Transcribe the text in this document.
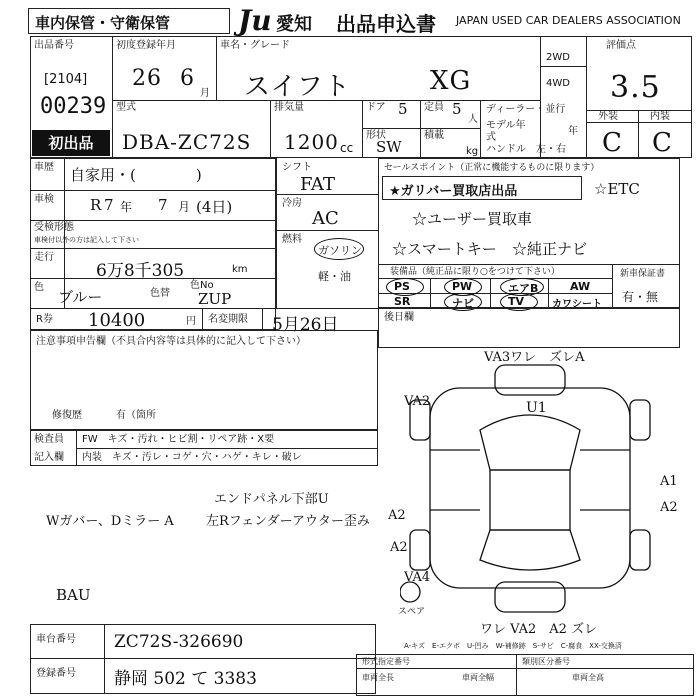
車内保管・守衛保管 Ju 愛知 出品申込書 JAPAN USED CAR DEALERS ASSOCIATION
出品番号
[2104]
00239
初出品
初度登録年月
26 6
月
車名・グレード
スイフト	XG
2WD
4WD
評価点
3.5
外装	内装
C C
型式
DBA-ZC72S
排気量
1200 cc
ドア 5 定員 5
人
形状
SW
積載
kg
ディーラー・並行
モデル年式
年
ハンドル　左・右
車歴 自家用・(　　　　)
車検 R 7 年 7 月 (4日)
受検形態
車検付以外の方は記入して下さい
走行
6万8千305	km
色
ブルー	色替
色No
ZUP
シフト
FAT
冷房
AC
燃料
ガソリン
軽・油
R券 10400	円 名変期限 5月26日
セールスポイント（正常に機能するものに限ります）
★ガリバー買取店出品	☆ETC
☆ユーザー買取車
☆スマートキー ☆純正ナビ
装備品（純正品に限り○をつけて下さい）	新車保証書
有・無
PS	PW	エアB	AW
SR	ナビ	TV	カワシート
注意事項申告欄（不具合内容等は具体的に記入して下さい）
修復歴	有（箇所
後日欄
検査員
記入欄
FW　キズ・汚れ・ヒビ割・リペア跡・X要
内装　キズ・汚レ・コゲ・穴・ハゲ・キレ・破レ
エンドパネル下部U
Wガバー、Dミラー A 左Rフェンダーアウター歪み
BAU
VA3ワレ　ズレA
VA2	U1
A1
A2
A2
A2
VA4
スペア
ワレ VA2　A2 ズレ
A-キズ　E-エクボ　U-凹み　W-補修跡　S-サビ　C-腐食　XX-交換済
車台番号 ZC72S-326690
登録番号 静岡 502 て 3383
形式指定番号	類別区分番号
車両全長	車両全幅	車両全高
